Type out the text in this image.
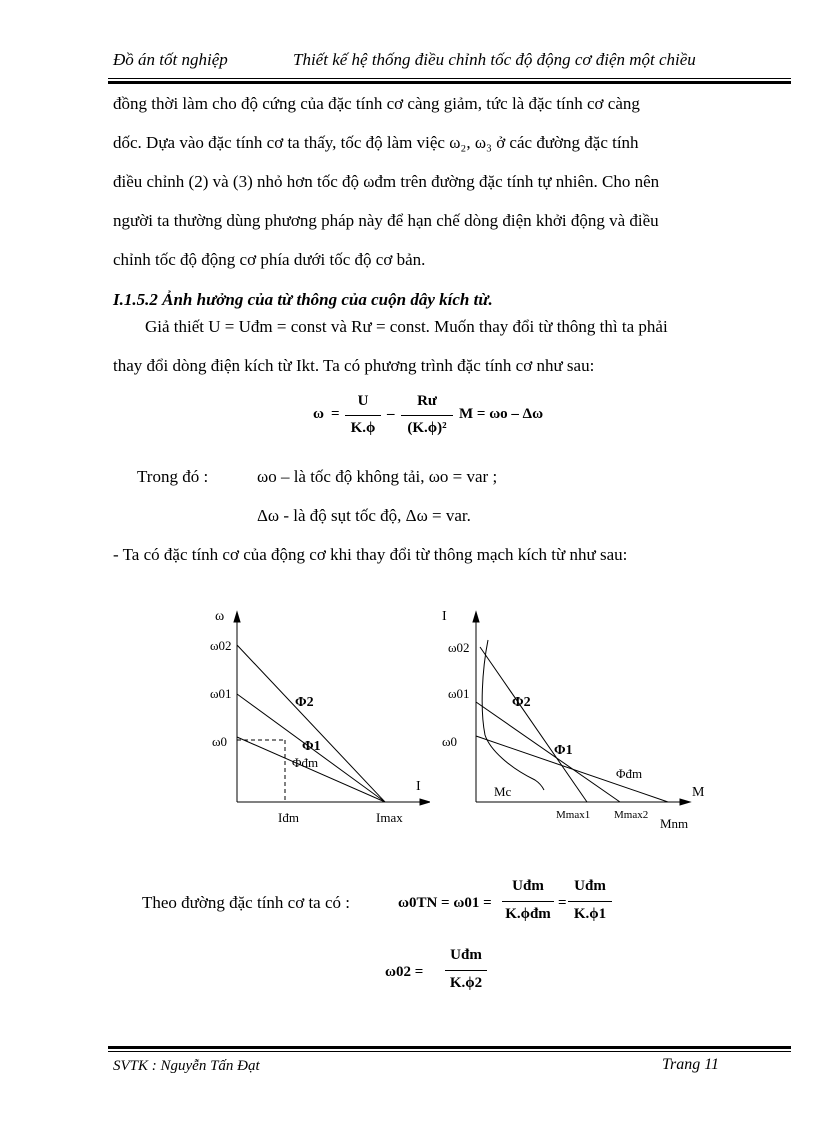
Đồ án tốt nghiệp	Thiết kế hệ thống điều chỉnh tốc độ động cơ điện một chiều

đồng thời làm cho độ cứng của đặc tính cơ càng giảm, tức là đặc tính cơ càng

dốc. Dựa vào đặc tính cơ ta thấy, tốc độ làm việc ω₂, ω₃ ở các đường đặc tính

điều chỉnh (2) và (3) nhỏ hơn tốc độ ωđm trên đường đặc tính tự nhiên. Cho nên

người ta thường dùng phương pháp này để hạn chế dòng điện khởi động và điều

chỉnh tốc độ động cơ phía dưới tốc độ cơ bản.

I.1.5.2 Ảnh hưởng của từ thông của cuộn dây kích từ.
Giả thiết U = Uđm = const và Rư = const. Muốn thay đổi từ thông thì ta phải
thay đổi dòng điện kích từ Ikt. Ta có phương trình đặc tính cơ như sau:
ω =
U
K.ϕ
–
Rư
(K.ϕ)²
M = ωo – Δω
Trong đó :	ωo – là tốc độ không tải, ωo = var ;
Δω - là độ sụt tốc độ, Δω = var.
- Ta có đặc tính cơ của động cơ khi thay đổi từ thông mạch kích từ như sau:
ω
I
ω02
ω01
ω0
Iđm	Imax
Φ2
Φ1
Φđm
I
M
ω02
ω01
ω0
Φ2
Φ1
Φđm
Mc
Mmax1 Mmax2
Mnm
Theo đường đặc tính cơ ta có :	ω0TN = ω01 =
Uđm
K.ϕđm
=
Uđm
K.ϕ1
ω02 =
Uđm
K.ϕ2
SVTK : Nguyễn Tấn Đạt	Trang 11
